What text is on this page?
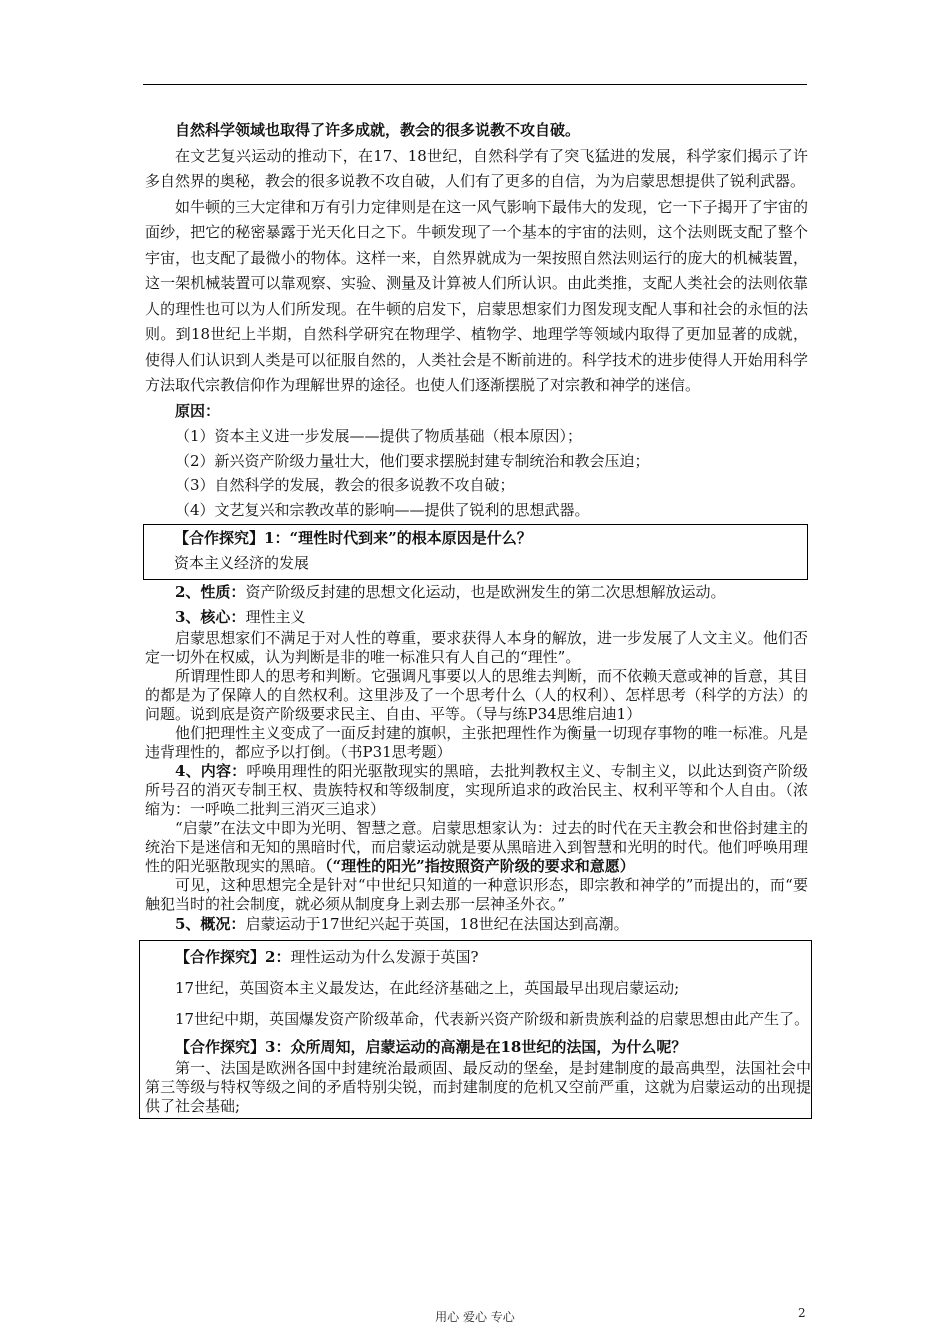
自然科学领域也取得了许多成就，教会的很多说教不攻自破。

在文艺复兴运动的推动下，在17、18世纪，自然科学有了突飞猛进的发展，科学家们揭示了许多自然界的奥秘，教会的很多说教不攻自破，人们有了更多的自信，为为启蒙思想提供了锐利武器。

如牛顿的三大定律和万有引力定律则是在这一风气影响下最伟大的发现，它一下子揭开了宇宙的面纱，把它的秘密暴露于光天化日之下。牛顿发现了一个基本的宇宙的法则，这个法则既支配了整个宇宙，也支配了最微小的物体。这样一来，自然界就成为一架按照自然法则运行的庞大的机械装置，这一架机械装置可以靠观察、实验、测量及计算被人们所认识。由此类推，支配人类社会的法则依靠人的理性也可以为人们所发现。在牛顿的启发下，启蒙思想家们力图发现支配人事和社会的永恒的法则。到18世纪上半期，自然科学研究在物理学、植物学、地理学等领域内取得了更加显著的成就，使得人们认识到人类是可以征服自然的，人类社会是不断前进的。科学技术的进步使得人开始用科学方法取代宗教信仰作为理解世界的途径。也使人们逐渐摆脱了对宗教和神学的迷信。

原因：

（1）资本主义进一步发展——提供了物质基础（根本原因）；

（2）新兴资产阶级力量壮大，他们要求摆脱封建专制统治和教会压迫；

（3）自然科学的发展，教会的很多说教不攻自破；

（4）文艺复兴和宗教改革的影响——提供了锐利的思想武器。

【合作探究】1：“理性时代到来”的根本原因是什么？

资本主义经济的发展

2、性质：资产阶级反封建的思想文化运动，也是欧洲发生的第二次思想解放运动。

3、核心：理性主义

启蒙思想家们不满足于对人性的尊重，要求获得人本身的解放，进一步发展了人文主义。他们否定一切外在权威，认为判断是非的唯一标准只有人自己的“理性”。

所谓理性即人的思考和判断。它强调凡事要以人的思维去判断，而不依赖天意或神的旨意，其目的都是为了保障人的自然权利。这里涉及了一个思考什么（人的权利）、怎样思考（科学的方法）的问题。说到底是资产阶级要求民主、自由、平等。（导与练P34思维启迪1）

他们把理性主义变成了一面反封建的旗帜，主张把理性作为衡量一切现存事物的唯一标准。凡是违背理性的，都应予以打倒。（书P31思考题）

4、内容：呼唤用理性的阳光驱散现实的黑暗，去批判教权主义、专制主义，以此达到资产阶级所号召的消灭专制王权、贵族特权和等级制度，实现所追求的政治民主、权利平等和个人自由。（浓缩为：一呼唤二批判三消灭三追求）

“启蒙”在法文中即为光明、智慧之意。启蒙思想家认为：过去的时代在天主教会和世俗封建主的统治下是迷信和无知的黑暗时代，而启蒙运动就是要从黑暗进入到智慧和光明的时代。他们呼唤用理性的阳光驱散现实的黑暗。（“理性的阳光”指按照资产阶级的要求和意愿）

可见，这种思想完全是针对“中世纪只知道的一种意识形态，即宗教和神学的”而提出的，而“要触犯当时的社会制度，就必须从制度身上剥去那一层神圣外衣。”

5、概况：启蒙运动于17世纪兴起于英国，18世纪在法国达到高潮。

【合作探究】2：理性运动为什么发源于英国?

17世纪，英国资本主义最发达，在此经济基础之上，英国最早出现启蒙运动;

17世纪中期，英国爆发资产阶级革命，代表新兴资产阶级和新贵族利益的启蒙思想由此产生了。

【合作探究】3：众所周知，启蒙运动的高潮是在18世纪的法国，为什么呢？

第一、法国是欧洲各国中封建统治最顽固、最反动的堡垒，是封建制度的最高典型，法国社会中第三等级与特权等级之间的矛盾特别尖锐，而封建制度的危机又空前严重，这就为启蒙运动的出现提供了社会基础;

用心 爱心 专心	2
